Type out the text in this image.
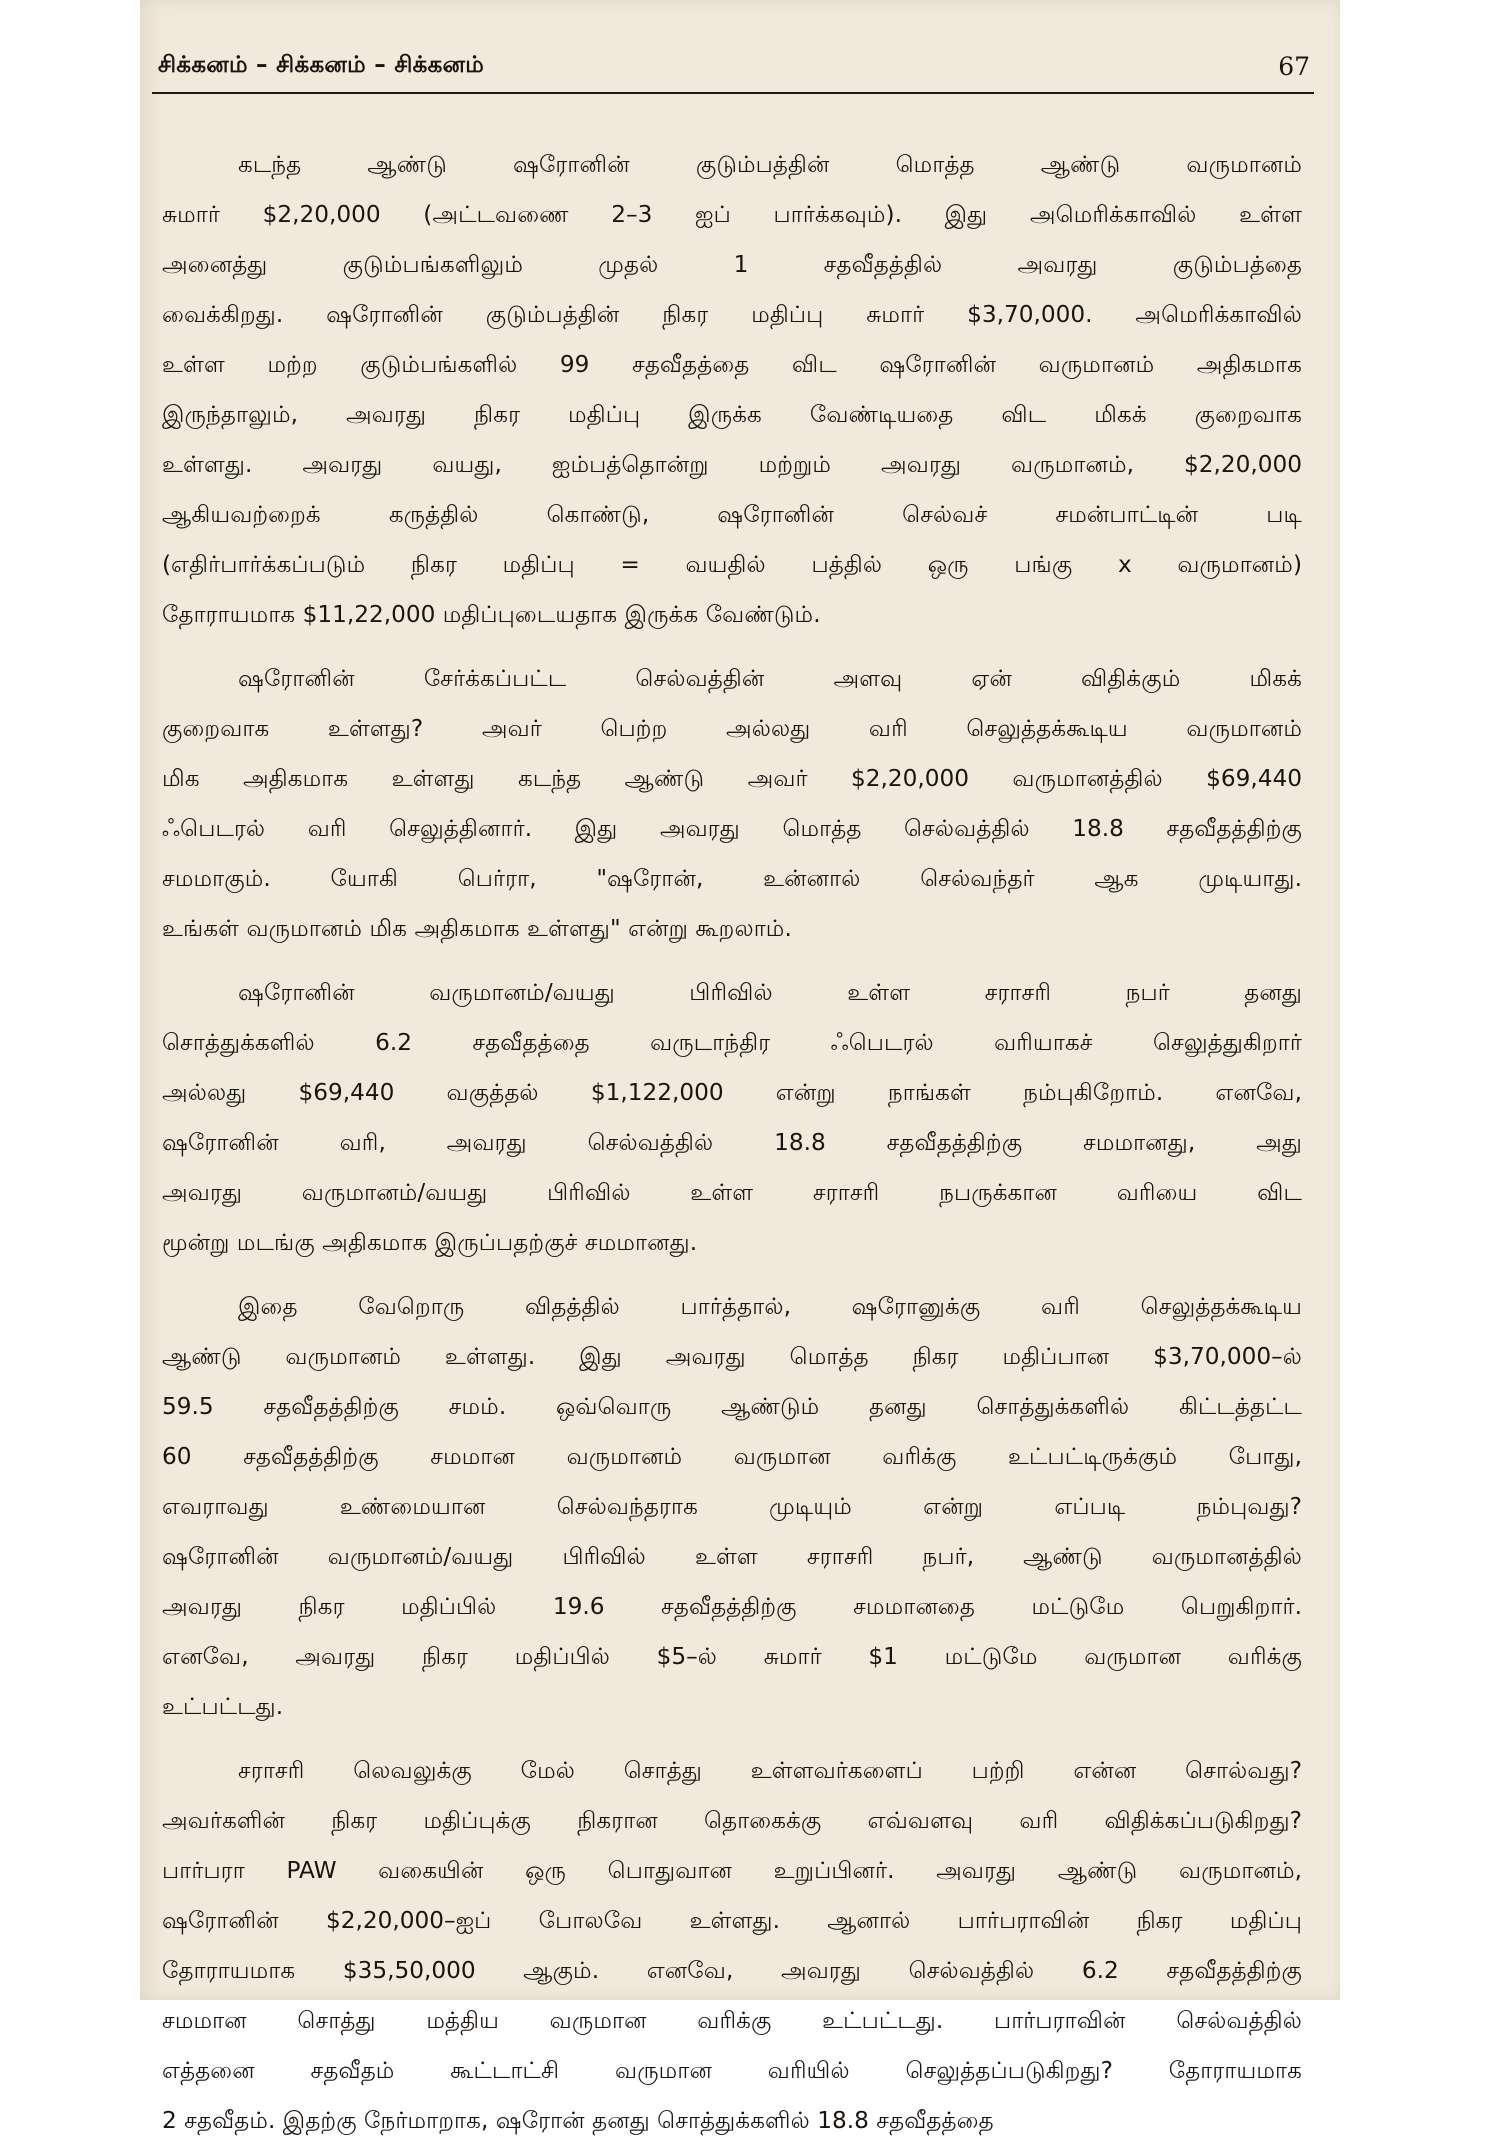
சிக்கனம் – சிக்கனம் – சிக்கனம்	67
கடந்த ஆண்டு ஷரோனின் குடும்பத்தின் மொத்த ஆண்டு வருமானம்
சுமார் $2,20,000 (அட்டவணை 2–3 ஐப் பார்க்கவும்). இது அமெரிக்காவில் உள்ள
அனைத்து குடும்பங்களிலும் முதல் 1 சதவீதத்தில் அவரது குடும்பத்தை
வைக்கிறது. ஷரோனின் குடும்பத்தின் நிகர மதிப்பு சுமார் $3,70,000. அமெரிக்காவில்
உள்ள மற்ற குடும்பங்களில் 99 சதவீதத்தை விட ஷரோனின் வருமானம் அதிகமாக
இருந்தாலும், அவரது நிகர மதிப்பு இருக்க வேண்டியதை விட மிகக் குறைவாக
உள்ளது. அவரது வயது, ஐம்பத்தொன்று மற்றும் அவரது வருமானம், $2,20,000
ஆகியவற்றைக் கருத்தில் கொண்டு, ஷரோனின் செல்வச் சமன்பாட்டின் படி
(எதிர்பார்க்கப்படும் நிகர மதிப்பு = வயதில் பத்தில் ஒரு பங்கு x வருமானம்)
தோராயமாக $11,22,000 மதிப்புடையதாக இருக்க வேண்டும்.
ஷரோனின் சேர்க்கப்பட்ட செல்வத்தின் அளவு ஏன் விதிக்கும் மிகக்
குறைவாக உள்ளது? அவர் பெற்ற அல்லது வரி செலுத்தக்கூடிய வருமானம்
மிக அதிகமாக உள்ளது கடந்த ஆண்டு அவர் $2,20,000 வருமானத்தில் $69,440
ஃபெடரல் வரி செலுத்தினார். இது அவரது மொத்த செல்வத்தில் 18.8 சதவீதத்திற்கு
சமமாகும். யோகி பெர்ரா, "ஷரோன், உன்னால் செல்வந்தர் ஆக முடியாது.
உங்கள் வருமானம் மிக அதிகமாக உள்ளது" என்று கூறலாம்.
ஷரோனின் வருமானம்/வயது பிரிவில் உள்ள சராசரி நபர் தனது
சொத்துக்களில் 6.2 சதவீதத்தை வருடாந்திர ஃபெடரல் வரியாகச் செலுத்துகிறார்
அல்லது $69,440 வகுத்தல் $1,122,000 என்று நாங்கள் நம்புகிறோம். எனவே,
ஷரோனின் வரி, அவரது செல்வத்தில் 18.8 சதவீதத்திற்கு சமமானது, அது
அவரது வருமானம்/வயது பிரிவில் உள்ள சராசரி நபருக்கான வரியை விட
மூன்று மடங்கு அதிகமாக இருப்பதற்குச் சமமானது.
இதை வேறொரு விதத்தில் பார்த்தால், ஷரோனுக்கு வரி செலுத்தக்கூடிய
ஆண்டு வருமானம் உள்ளது. இது அவரது மொத்த நிகர மதிப்பான $3,70,000–ல்
59.5 சதவீதத்திற்கு சமம். ஒவ்வொரு ஆண்டும் தனது சொத்துக்களில் கிட்டத்தட்ட
60 சதவீதத்திற்கு சமமான வருமானம் வருமான வரிக்கு உட்பட்டிருக்கும் போது,
எவராவது உண்மையான செல்வந்தராக முடியும் என்று எப்படி நம்புவது?
ஷரோனின் வருமானம்/வயது பிரிவில் உள்ள சராசரி நபர், ஆண்டு வருமானத்தில்
அவரது நிகர மதிப்பில் 19.6 சதவீதத்திற்கு சமமானதை மட்டுமே பெறுகிறார்.
எனவே, அவரது நிகர மதிப்பில் $5–ல் சுமார் $1 மட்டுமே வருமான வரிக்கு
உட்பட்டது.
சராசரி லெவலுக்கு மேல் சொத்து உள்ளவர்களைப் பற்றி என்ன சொல்வது?
அவர்களின் நிகர மதிப்புக்கு நிகரான தொகைக்கு எவ்வளவு வரி விதிக்கப்படுகிறது?
பார்பரா PAW வகையின் ஒரு பொதுவான உறுப்பினர். அவரது ஆண்டு வருமானம்,
ஷரோனின் $2,20,000–ஐப் போலவே உள்ளது. ஆனால் பார்பராவின் நிகர மதிப்பு
தோராயமாக $35,50,000 ஆகும். எனவே, அவரது செல்வத்தில் 6.2 சதவீதத்திற்கு
சமமான சொத்து மத்திய வருமான வரிக்கு உட்பட்டது. பார்பராவின் செல்வத்தில்
எத்தனை சதவீதம் கூட்டாட்சி வருமான வரியில் செலுத்தப்படுகிறது? தோராயமாக
2 சதவீதம். இதற்கு நேர்மாறாக, ஷரோன் தனது சொத்துக்களில் 18.8 சதவீதத்தை
